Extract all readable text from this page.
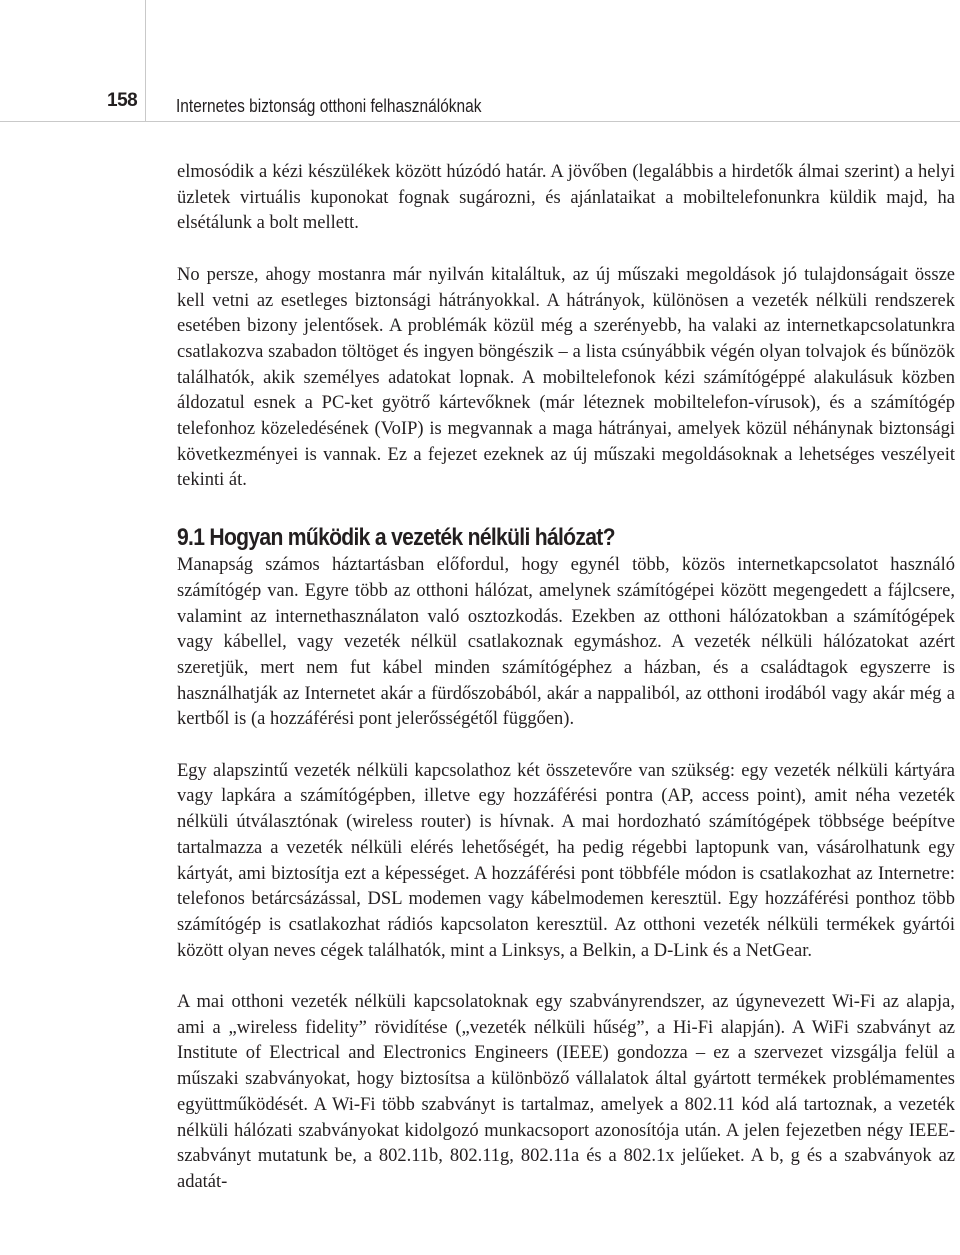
158 Internetes biztonság otthoni felhasználóknak

elmosódik a kézi készülékek között húzódó határ. A jövőben (legalábbis a hirdetők álmai szerint) a helyi üzletek virtuális kuponokat fognak sugározni, és ajánlataikat a mobiltelefonunkra küldik majd, ha elsétálunk a bolt mellett.

No persze, ahogy mostanra már nyilván kitaláltuk, az új műszaki megoldások jó tulajdonságait össze kell vetni az esetleges biztonsági hátrányokkal. A hátrányok, különösen a vezeték nélküli rendszerek esetében bizony jelentősek. A problémák közül még a szerényebb, ha valaki az internetkapcsolatunkra csatlakozva szabadon töltöget és ingyen böngészik – a lista csúnyábbik végén olyan tolvajok és bűnözök találhatók, akik személyes adatokat lopnak. A mobiltelefonok kézi számítógéppé alakulásuk közben áldozatul esnek a PC-ket gyötrő kártevőknek (már léteznek mobiltelefon-vírusok), és a számítógép telefonhoz közeledésének (VoIP) is megvannak a maga hátrányai, amelyek közül néhánynak biztonsági következményei is vannak. Ez a fejezet ezeknek az új műszaki megoldásoknak a lehetséges veszélyeit tekinti át.

9.1 Hogyan működik a vezeték nélküli hálózat?

Manapság számos háztartásban előfordul, hogy egynél több, közös internetkapcsolatot használó számítógép van. Egyre több az otthoni hálózat, amelynek számítógépei között megengedett a fájlcsere, valamint az internethasználaton való osztozkodás. Ezekben az otthoni hálózatokban a számítógépek vagy kábellel, vagy vezeték nélkül csatlakoznak egymáshoz. A vezeték nélküli hálózatokat azért szeretjük, mert nem fut kábel minden számítógéphez a házban, és a családtagok egyszerre is használhatják az Internetet akár a fürdőszobából, akár a nappaliból, az otthoni irodából vagy akár még a kertből is (a hozzáférési pont jelerősségétől függően).

Egy alapszintű vezeték nélküli kapcsolathoz két összetevőre van szükség: egy vezeték nélküli kártyára vagy lapkára a számítógépben, illetve egy hozzáférési pontra (AP, access point), amit néha vezeték nélküli útválasztónak (wireless router) is hívnak. A mai hordozható számítógépek többsége beépítve tartalmazza a vezeték nélküli elérés lehetőségét, ha pedig régebbi laptopunk van, vásárolhatunk egy kártyát, ami biztosítja ezt a képességet. A hozzáférési pont többféle módon is csatlakozhat az Internetre: telefonos betárcsázással, DSL modemen vagy kábelmodemen keresztül. Egy hozzáférési ponthoz több számítógép is csatlakozhat rádiós kapcsolaton keresztül. Az otthoni vezeték nélküli termékek gyártói között olyan neves cégek találhatók, mint a Linksys, a Belkin, a D-Link és a NetGear.

A mai otthoni vezeték nélküli kapcsolatoknak egy szabványrendszer, az úgynevezett Wi-Fi az alapja, ami a „wireless fidelity” rövidítése („vezeték nélküli hűség”, a Hi-Fi alapján). A WiFi szabványt az Institute of Electrical and Electronics Engineers (IEEE) gondozza – ez a szervezet vizsgálja felül a műszaki szabványokat, hogy biztosítsa a különböző vállalatok által gyártott termékek problémamentes együttműködését. A Wi-Fi több szabványt is tartalmaz, amelyek a 802.11 kód alá tartoznak, a vezeték nélküli hálózati szabványokat kidolgozó munkacsoport azonosítója után. A jelen fejezetben négy IEEE-szabványt mutatunk be, a 802.11b, 802.11g, 802.11a és a 802.1x jelűeket. A b, g és a szabványok az adatát-
